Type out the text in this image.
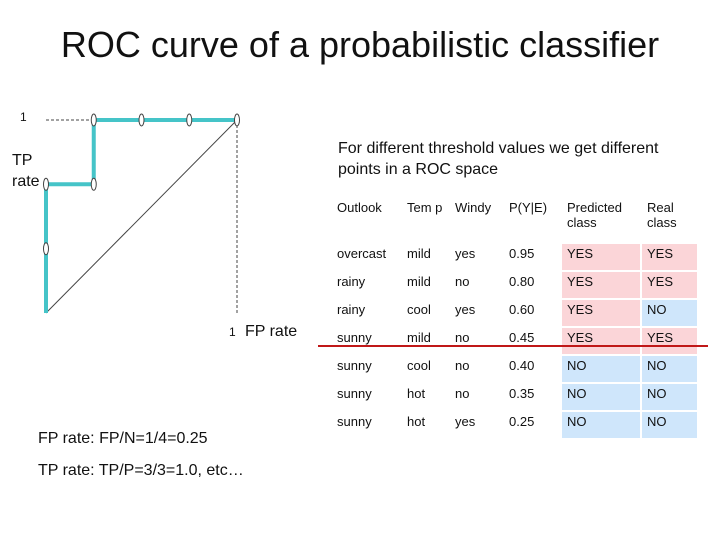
ROC curve of a probabilistic classifier
1
TP
rate
1 FP rate
For different threshold values we get different points in a ROC space
Outlook	Tem p	Windy	P(Y|E)	Predicted class	Real class
overcast	mild	yes	0.95	YES	YES
rainy	mild	no	0.80	YES	YES
rainy	cool	yes	0.60	YES	NO
sunny	mild	no	0.45	YES	YES
sunny	cool	no	0.40	NO	NO
sunny	hot	no	0.35	NO	NO
sunny	hot	yes	0.25	NO	NO
FP rate: FP/N=1/4=0.25
TP rate: TP/P=3/3=1.0, etc…
